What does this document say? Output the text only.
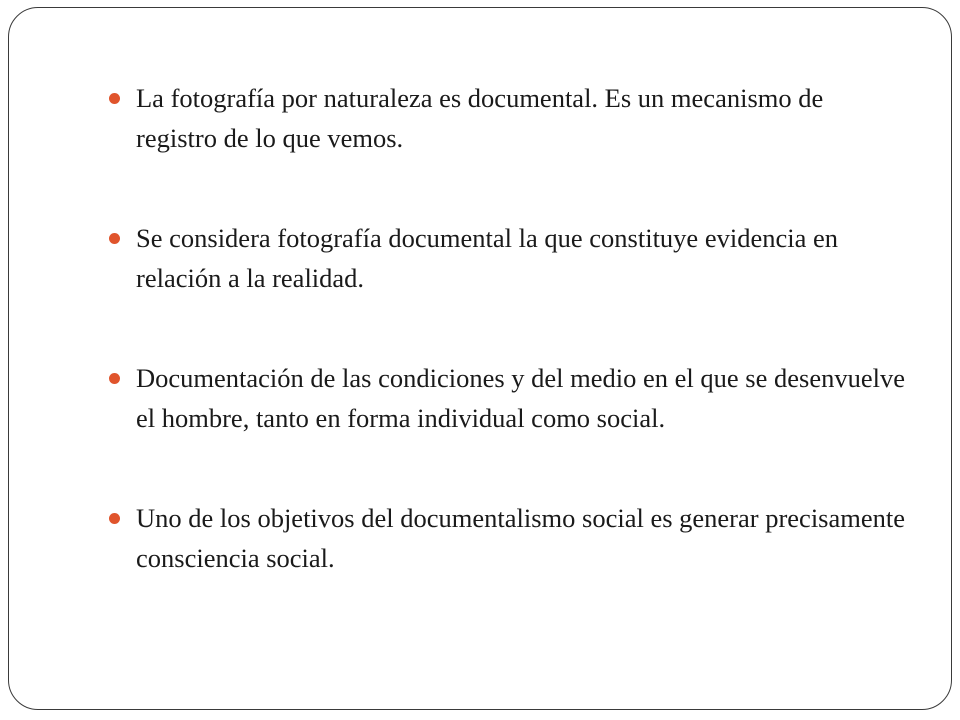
La fotografía por naturaleza es documental. Es un mecanismo de registro de lo que vemos.
Se considera fotografía documental la que constituye evidencia en relación a la realidad.
Documentación de las condiciones y del medio en el que se desenvuelve el hombre, tanto en forma individual como social.
Uno de los objetivos del documentalismo social es generar precisamente consciencia social.
